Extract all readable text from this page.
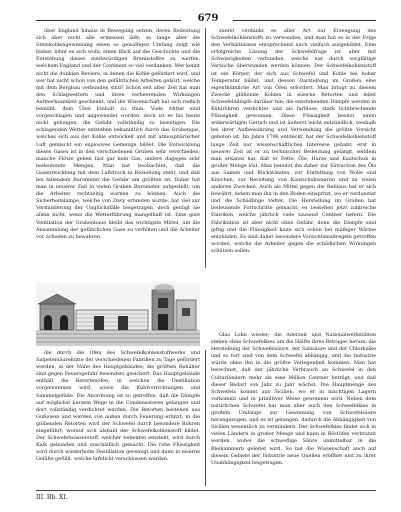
679
über England hinaus in Bewegung setzen, deren Bedeutung sich aber nicht alle ermessen läßt; so lange aber die Steinkohlengewinnung einen so gewaltigen Umfang zeigt wie bisher, lohnt es sich wohl, einen Blick auf die Geschichte und die Entstehung dieses merkwürdigen Brennstoffes zu werfen, welchem England und der Continent so viel verdanken. Wer kennt nicht die dunklen Reviere, in denen die Kohle gefördert wird, und wer hat nicht schon von den gefährlichen Arbeiten gehört, welche mit dem Bergbau verbunden sind? Schon seit alter Zeit hat man den Schlagwettern und ihren verheerenden Wirkungen Aufmerksamkeit geschenkt, und die Wissenschaft hat sich redlich bemüht, dem Übel Einhalt zu thun. Viele Mittel sind vorgeschlagen und angewendet worden, doch ist es bis heute nicht gelungen, die Gefahr vollständig zu beseitigen. Die schlagenden Wetter entstehen bekanntlich durch das Grubengas, welches sich aus der Kohle entwickelt und mit atmosphärischer Luft gemischt ein explosives Gemenge bildet. Die Entwicklung dieses Gases ist in den verschiedenen Gruben sehr verschieden; manche Flötze geben fast gar kein Gas, andere dagegen sehr bedeutende Mengen. Man hat beobachtet, daß die Gasentwicklung mit dem Luftdruck in Beziehung steht, und daß bei fallendem Barometer die Gefahr am größten ist. Daher hat man in neuerer Zeit in vielen Gruben Barometer aufgestellt, um die Arbeiter rechtzeitig warnen zu können. Auch die Sicherheitslampe, welche von Davy erfunden wurde, hat viel zur Verminderung der Unglücksfälle beigetragen, doch genügt sie allein nicht, wenn die Wetterführung mangelhaft ist. Eine gute Ventilation der Grubenbaue bleibt das wichtigste Mittel, um die Ansammlung der gefährlichen Gase zu verhüten und die Arbeiter vor Schaden zu bewahren.
zuerst verdankt es aller Art zur Erzeugung des Schwefelkohlenstoffs zu verwenden, und man hat es in der Folge den Verhältnissen entsprechend auch vielfach ausgebildet. Eine erfolgreiche Lösung der Schwefelfrage ist aber mit Schwierigkeiten verbunden, welche nur durch sorgfältige Versuche überwunden werden können. Der Schwefelkohlenstoff ist ein Körper, der sich aus Schwefel und Kohle bei hoher Temperatur bildet, und dessen Darstellung im Großen eine eigenthümliche Art von Öfen erfordert. Man bringt zu diesem Zwecke glühende Kohlen in eiserne Retorten und leitet Schwefeldämpfe darüber hin; die entstehenden Dämpfe werden in Kühlröhren verdichtet und als farblose, stark lichtbrechende Flüssigkeit gewonnen. Diese Flüssigkeit besitzt einen widerwärtigen Geruch und ist äußerst leicht entzündlich, weshalb bei ihrer Aufbewahrung und Verwendung die größte Vorsicht geboten ist. Im Jahre 1796 entdeckt, hat der Schwefelkohlenstoff lange Zeit nur wissenschaftliches Interesse gehabt; erst in neuerer Zeit ist er zu technischer Bedeutung gelangt, seitdem man erkannt hat, daß er Fette, Öle, Harze und Kautschuk in großer Menge löst. Man benutzt ihn daher zur Extraction des Öls aus Samen und Rückständen, zur Entfettung von Wolle und Knochen, zur Bereitung von Kautschukwaaren und zu vielen anderen Zwecken. Auch als Mittel gegen die Reblaus hat er sich bewährt, indem man ihn in den Boden einspritzt, wo er verdunstet und die Schädlinge tödtet. Die Herstellung im Großen hat bedeutende Fortschritte gemacht; es bestehen jetzt zahlreiche Fabriken, welche jährlich viele tausend Centner liefern. Die Fabrikation ist aber nicht ohne Gefahr, denn die Dämpfe sind giftig und die Flüssigkeit kann sich schon bei mäßiger Wärme entzünden. Es sind daher besondere Vorsichtsmaßregeln getroffen worden, welche die Arbeiter gegen die schädlichen Wirkungen schützen sollen.
Glas Lohn wieder; die Aderzeit und Nationalwerkstätten stehen ohne Schwefelkies um die Hälfte ihres Betrages herum; die Herstellung der Schwefelsäure, der Salzsäure und der Chlorkalke und so fort sind von dem Schwefel abhängig, und die Industrie würde ohne ihn in die größte Verlegenheit kommen. Man hat berechnet, daß der jährliche Verbrauch an Schwefel in den Culturländern mehr als eine Million Centner beträgt, und daß dieser Bedarf von Jahr zu Jahr wächst. Die Hauptmenge des Schwefels kommt aus Sicilien, wo er in mächtigen Lagern vorkommt und in primitiver Weise gewonnen wird. Neben dem natürlichen Schwefel hat man aber auch den Schwefelkies in großem Umfange zur Gewinnung von Schwefelsäure herangezogen, und es ist gelungen, dadurch die Abhängigkeit von Sicilien wesentlich zu vermindern. Der Schwefelkies findet sich in vielen Ländern in großer Menge und kann in Röstöfen verbrannt werden, wobei die schweflige Säure unmittelbar in die Bleikammern geleitet wird. So hat die Wissenschaft auch auf diesem Gebiete der Industrie neue Quellen eröffnet und zu ihrer Unabhängigkeit beigetragen.
die durch die Öfen des Schwefelkohlenstoffwerks und Salpetersäurehütte der verschiedenen Fabriken zu Tage gefördert werden, in der Nähe des Hauptgebäudes; die größten Behälter sind gegen Feuersgefahr besonders gesichert. Das Hauptgebäude enthält die Retortenöfen, in welchen die Destillation vorgenommen wird, sowie die Kühlvorrichtungen und Sammelgefäße. Die Anordnung ist so getroffen, daß die Dämpfe auf möglichst kurzem Wege in die Condensatoren gelangen und dort vollständig verdichtet werden. Die Retorten bestehen aus Gußeisen und werden von außen durch Feuerung erhitzt; in die glühenden Retorten wird der Schwefel durch besondere Röhren eingeführt, worauf sich alsbald der Schwefelkohlenstoff bildet. Der Schwefelwasserstoff, welcher nebenbei entsteht, wird durch Kalk gebunden und unschädlich gemacht. Die rohe Flüssigkeit wird durch wiederholte Destillation gereinigt und dann in eiserne Gefäße gefüllt, welche luftdicht verschlossen werden.
III. Bb. XI.
